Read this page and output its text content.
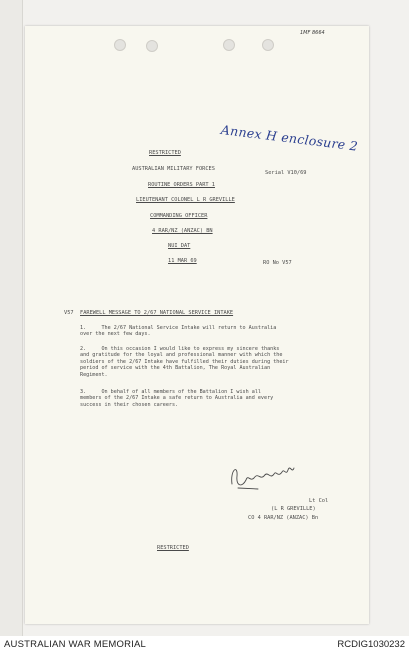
1MF 8664
Annex H enclosure 2
RESTRICTED
AUSTRALIAN MILITARY FORCES
Serial V10/69
ROUTINE ORDERS PART 1
LIEUTENANT COLONEL L R GREVILLE
COMMANDING OFFICER
4 RAR/NZ (ANZAC) BN
NUI DAT
11 MAR 69	RO No V57
V57 FAREWELL MESSAGE TO 2/67 NATIONAL SERVICE INTAKE
1.	The 2/67 National Service Intake will return to Australia
over the next few days.
2.	On this occasion I would like to express my sincere thanks
and gratitude for the loyal and professional manner with which the
soldiers of the 2/67 Intake have fulfilled their duties during their
period of service with the 4th Battalion, The Royal Australian
Regiment.
3.	On behalf of all members of the Battalion I wish all
members of the 2/67 Intake a safe return to Australia and every
success in their chosen careers.
Lt Col
(L R GREVILLE)
CO 4 RAR/NZ (ANZAC) Bn
RESTRICTED
AUSTRALIAN WAR MEMORIAL	RCDIG1030232
